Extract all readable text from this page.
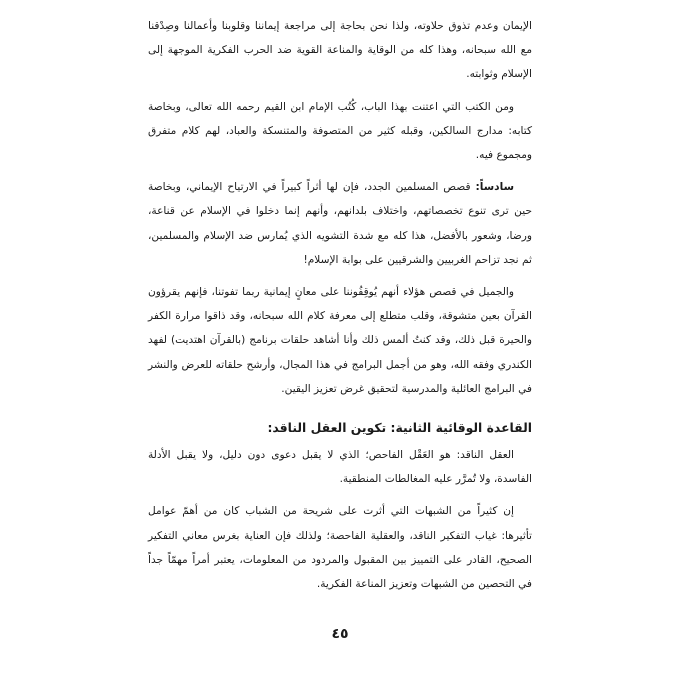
الإيمان وعدم تذوق حلاوته، ولذا نحن بحاجة إلى مراجعة إيماننا وقلوبنا وأعمالنا وصِدْقنا مع الله سبحانه، وهذا كله من الوقاية والمناعة القوية ضد الحرب الفكرية الموجهة إلى الإسلام وثوابته.

ومن الكتب التي اعتنت بهذا الباب، كُتُب الإمام ابن القيم رحمه الله تعالى، وبخاصة كتابه: مدارج السالكين، وقبله كثير من المتصوفة والمتنسكة والعباد، لهم كلام متفرق ومجموع فيه.

سادساً: قصص المسلمين الجدد، فإن لها أثراً كبيراً في الارتياح الإيماني، وبخاصة حين ترى تنوع تخصصاتهم، واختلاف بلدانهم، وأنهم إنما دخلوا في الإسلام عن قناعة، ورضا، وشعور بالأفضل، هذا كله مع شدة التشويه الذي يُمارس ضد الإسلام والمسلمين، ثم نجد تزاحم الغربيين والشرقيين على بوابة الإسلام!

والجميل في قصص هؤلاء أنهم يُوقِفُوننا على معانٍ إيمانية ربما تفوتنا، فإنهم يقرؤون القرآن بعين متشوقة، وقلب متطلع إلى معرفة كلام الله سبحانه، وقد ذاقوا مرارة الكفر والحيرة قبل ذلك، وقد كنتُ ألمس ذلك وأنا أشاهد حلقات برنامج (بالقرآن اهتديت) لفهد الكندري وفقه الله، وهو من أجمل البرامج في هذا المجال، وأرشح حلقاته للعرض والنشر في البرامج العائلية والمدرسية لتحقيق غرض تعزيز اليقين.

القاعدة الوقائية الثانية: تكوين العقل الناقد:

العقل الناقد: هو العَقْل الفاحص؛ الذي لا يقبل دعوى دون دليل، ولا يقبل الأدلة الفاسدة، ولا تُمرَّر عليه المغالطات المنطقية.

إن كثيراً من الشبهات التي أثرت على شريحة من الشباب كان من أهمّ عوامل تأثيرها: غياب التفكير الناقد، والعقلية الفاحصة؛ ولذلك فإن العناية بغرس معاني التفكير الصحيح، القادر على التمييز بين المقبول والمردود من المعلومات، يعتبر أمراً مهمّاً جداً في التحصين من الشبهات وتعزيز المناعة الفكرية.

٤٥
